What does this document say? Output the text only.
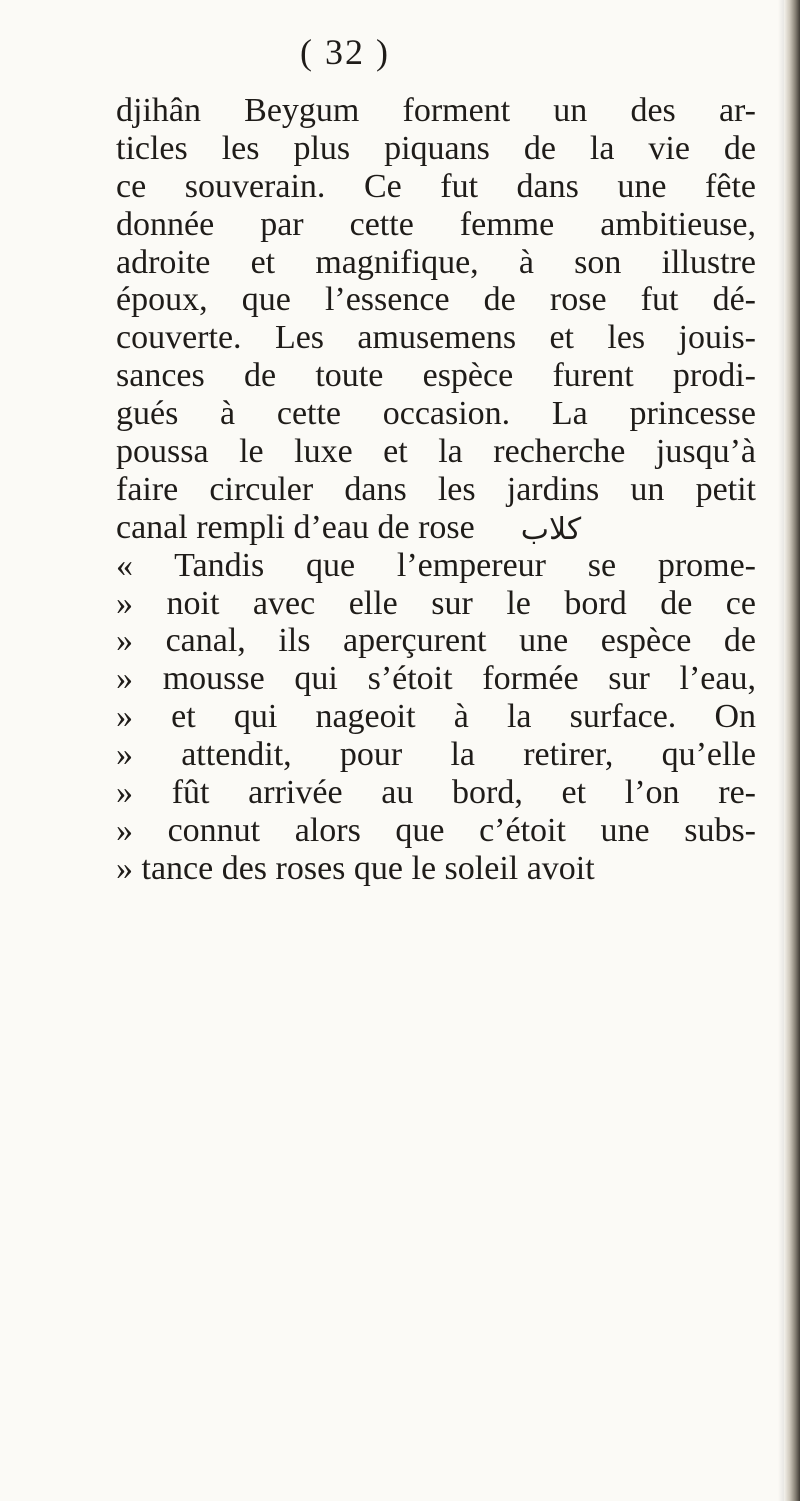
( 32 )
djihân Beygum forment un des ar-
ticles les plus piquans de la vie de
ce souverain. Ce fut dans une fête
donnée par cette femme ambitieuse,
adroite et magnifique, à son illustre
époux, que l’essence de rose fut dé-
couverte. Les amusemens et les jouis-
sances de toute espèce furent prodi-
gués à cette occasion. La princesse
poussa le luxe et la recherche jusqu’à
faire circuler dans les jardins un petit
canal rempli d’eau de rose کلاب
« Tandis que l’empereur se prome-
» noit avec elle sur le bord de ce
» canal, ils aperçurent une espèce de
» mousse qui s’étoit formée sur l’eau,
» et qui nageoit à la surface. On
» attendit, pour la retirer, qu’elle
» fût arrivée au bord, et l’on re-
» connut alors que c’étoit une subs-
» tance des roses que le soleil avoit
